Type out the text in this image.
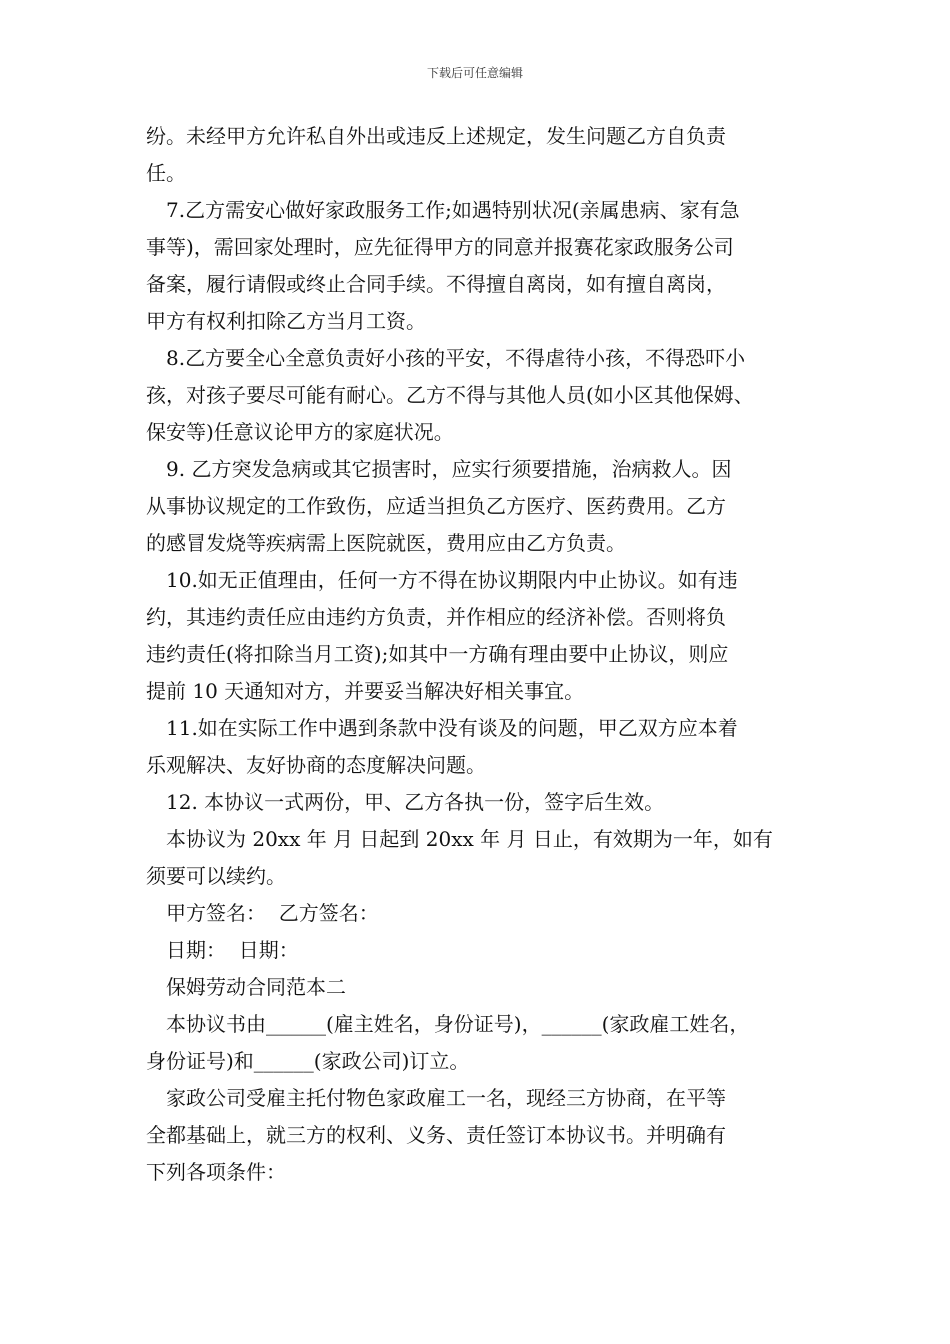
下载后可任意编辑

纷。未经甲方允许私自外出或违反上述规定，发生问题乙方自负责

任。

7.乙方需安心做好家政服务工作;如遇特别状况(亲属患病、家有急

事等)，需回家处理时，应先征得甲方的同意并报赛花家政服务公司

备案，履行请假或终止合同手续。不得擅自离岗，如有擅自离岗，

甲方有权利扣除乙方当月工资。

8.乙方要全心全意负责好小孩的平安，不得虐待小孩，不得恐吓小

孩，对孩子要尽可能有耐心。乙方不得与其他人员(如小区其他保姆、

保安等)任意议论甲方的家庭状况。

9. 乙方突发急病或其它损害时，应实行须要措施，治病救人。因

从事协议规定的工作致伤，应适当担负乙方医疗、医药费用。乙方

的感冒发烧等疾病需上医院就医，费用应由乙方负责。

10.如无正值理由，任何一方不得在协议期限内中止协议。如有违

约，其违约责任应由违约方负责，并作相应的经济补偿。否则将负

违约责任(将扣除当月工资);如其中一方确有理由要中止协议，则应

提前 10 天通知对方，并要妥当解决好相关事宜。

11.如在实际工作中遇到条款中没有谈及的问题，甲乙双方应本着

乐观解决、友好协商的态度解决问题。

12. 本协议一式两份，甲、乙方各执一份，签字后生效。

本协议为 20xx 年 月 日起到 20xx 年 月 日止，有效期为一年，如有

须要可以续约。

甲方签名：  乙方签名：

日期：  日期：

保姆劳动合同范本二

本协议书由______(雇主姓名，身份证号)，______(家政雇工姓名，

身份证号)和______(家政公司)订立。

家政公司受雇主托付物色家政雇工一名，现经三方协商，在平等

全都基础上，就三方的权利、义务、责任签订本协议书。并明确有

下列各项条件：
